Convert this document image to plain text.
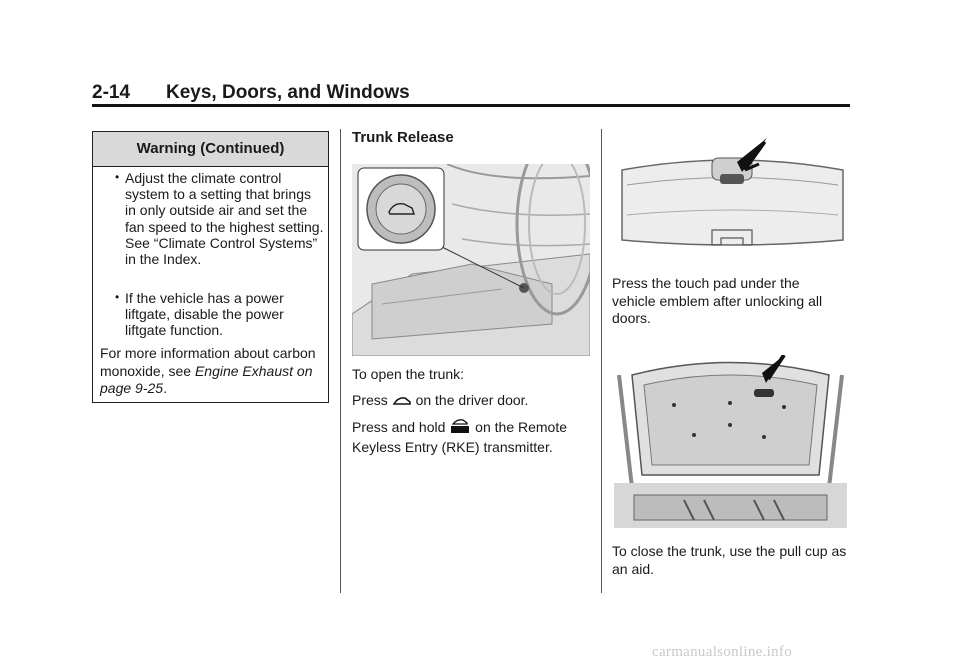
2-14 Keys, Doors, and Windows
Warning (Continued)
• Adjust the climate control system to a setting that brings in only outside air and set the fan speed to the highest setting. See “Climate Control Systems” in the Index.
• If the vehicle has a power liftgate, disable the power liftgate function.
For more information about carbon monoxide, see Engine Exhaust on page 9-25.
Trunk Release
To open the trunk:
Press  on the driver door.
Press and hold  on the Remote Keyless Entry (RKE) transmitter.
Press the touch pad under the vehicle emblem after unlocking all doors.
To close the trunk, use the pull cup as an aid.
carmanualsonline.info
